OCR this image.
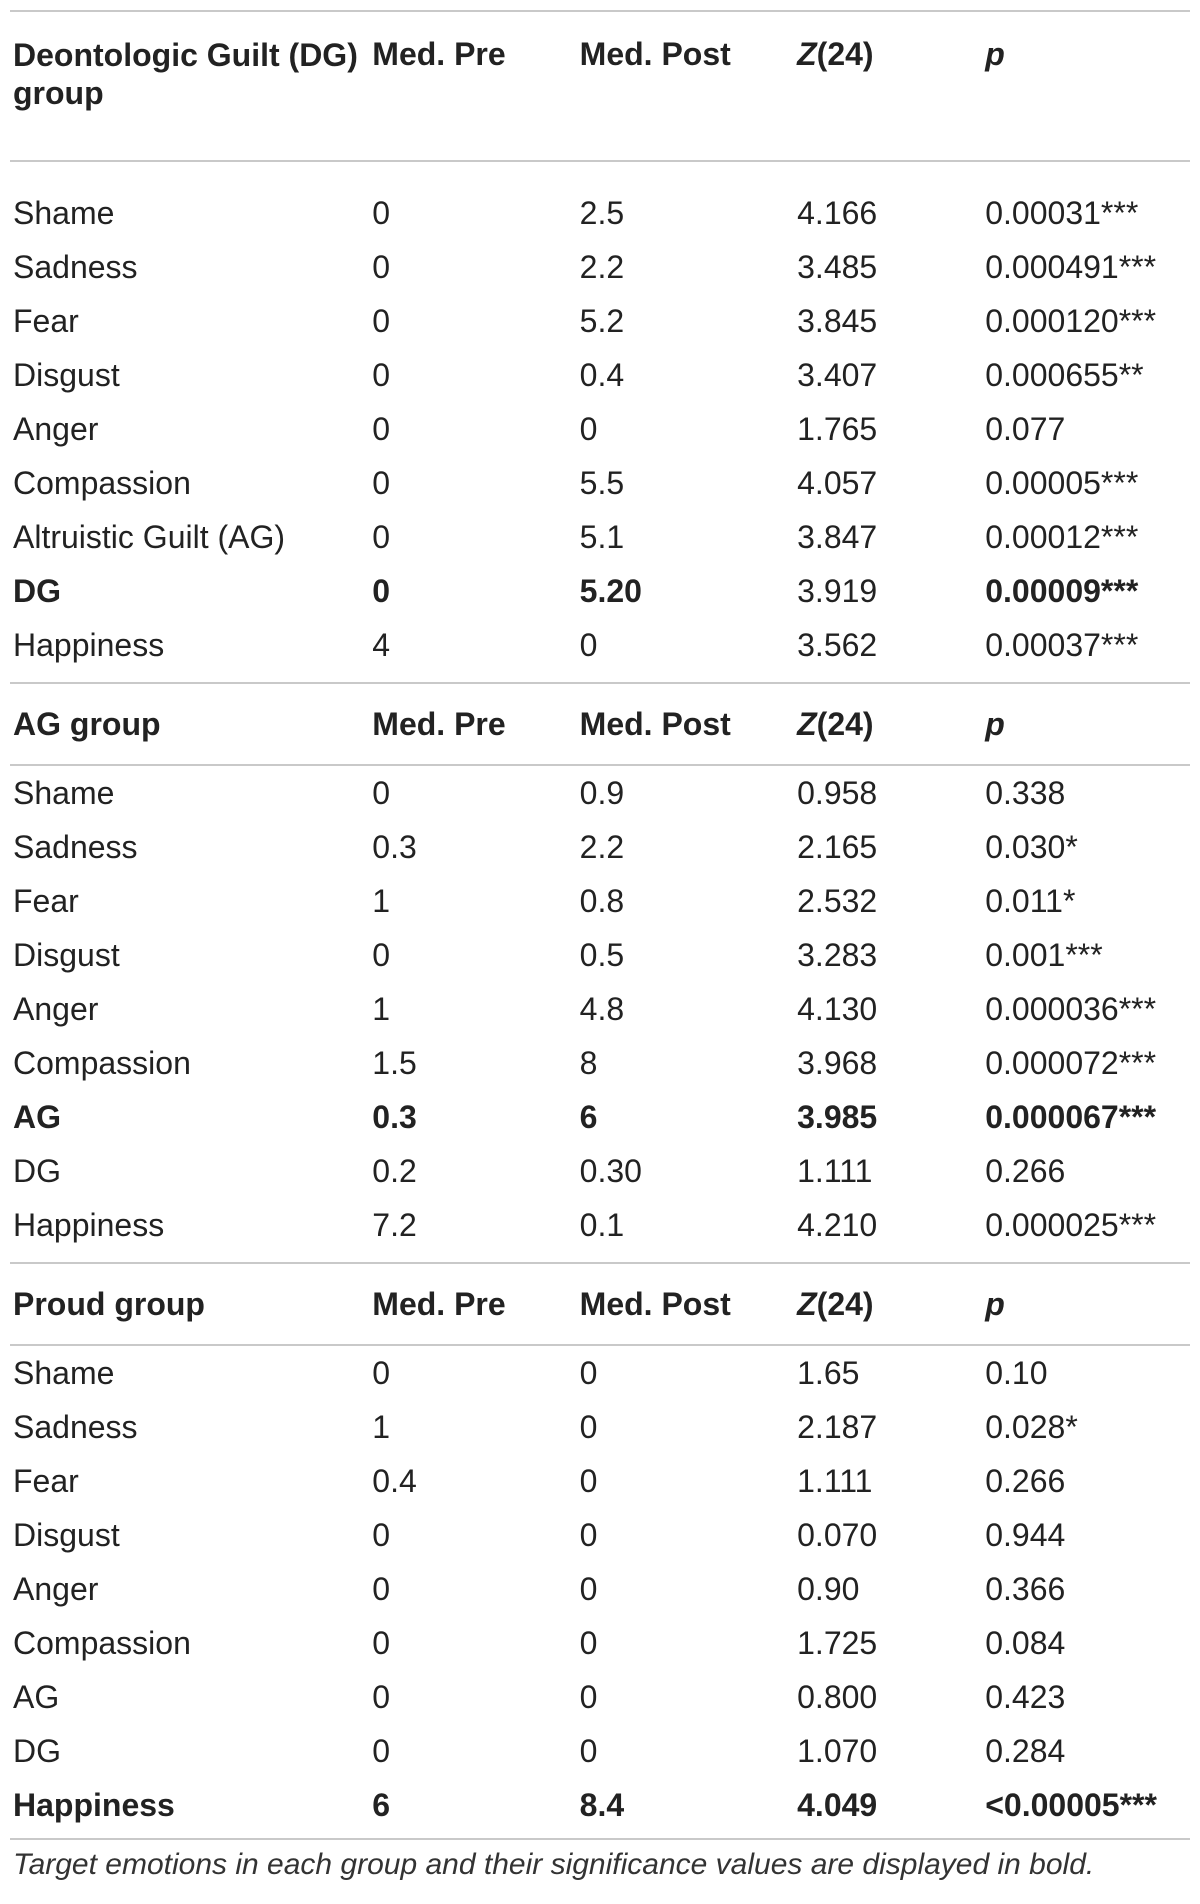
Deontologic Guilt (DG) group	Med. Pre	Med. Post	Z(24)	p
Shame	0	2.5	4.166	0.00031***
Sadness	0	2.2	3.485	0.000491***
Fear	0	5.2	3.845	0.000120***
Disgust	0	0.4	3.407	0.000655**
Anger	0	0	1.765	0.077
Compassion	0	5.5	4.057	0.00005***
Altruistic Guilt (AG)	0	5.1	3.847	0.00012***
DG	0	5.20	3.919	0.00009***
Happiness	4	0	3.562	0.00037***
AG group	Med. Pre	Med. Post	Z(24)	p
Shame	0	0.9	0.958	0.338
Sadness	0.3	2.2	2.165	0.030*
Fear	1	0.8	2.532	0.011*
Disgust	0	0.5	3.283	0.001***
Anger	1	4.8	4.130	0.000036***
Compassion	1.5	8	3.968	0.000072***
AG	0.3	6	3.985	0.000067***
DG	0.2	0.30	1.111	0.266
Happiness	7.2	0.1	4.210	0.000025***
Proud group	Med. Pre	Med. Post	Z(24)	p
Shame	0	0	1.65	0.10
Sadness	1	0	2.187	0.028*
Fear	0.4	0	1.111	0.266
Disgust	0	0	0.070	0.944
Anger	0	0	0.90	0.366
Compassion	0	0	1.725	0.084
AG	0	0	0.800	0.423
DG	0	0	1.070	0.284
Happiness	6	8.4	4.049	<0.00005***
Target emotions in each group and their significance values are displayed in bold.
